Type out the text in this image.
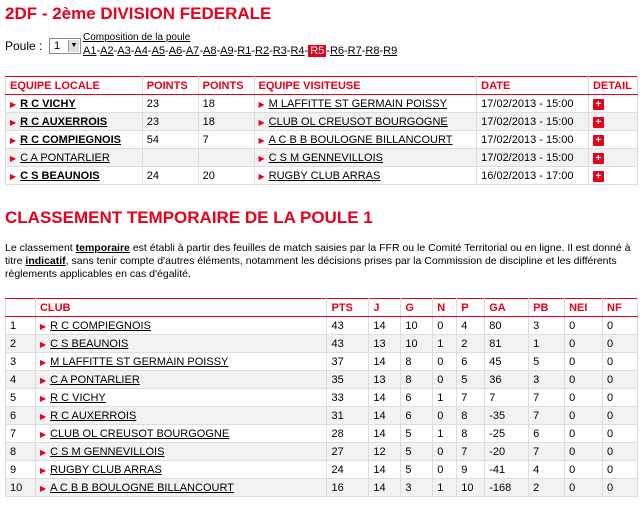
2DF - 2ème DIVISION FEDERALE
Poule :	1	▼
Composition de la poule
A1-A2-A3-A4-A5-A6-A7-A8-A9-R1-R2-R3-R4- R5 -R6-R7-R8-R9
EQUIPE LOCALE	POINTS	POINTS	EQUIPE VISITEUSE	DATE	DETAIL
▶ R C VICHY	23	18	▶ M LAFFITTE ST GERMAIN POISSY	17/02/2013 - 15:00	+
▶ R C AUXERROIS	23	18	▶ CLUB OL CREUSOT BOURGOGNE	17/02/2013 - 15:00	+
▶ R C COMPIEGNOIS	54	7	▶ A C B B BOULOGNE BILLANCOURT	17/02/2013 - 15:00	+
▶ C A PONTARLIER			▶ C S M GENNEVILLOIS	17/02/2013 - 15:00	+
▶ C S BEAUNOIS	24	20	▶ RUGBY CLUB ARRAS	16/02/2013 - 17:00	+
CLASSEMENT TEMPORAIRE DE LA POULE 1
Le classement temporaire est établi à partir des feuilles de match saisies par la FFR ou le Comité Territorial ou en ligne. Il est donné à titre indicatif, sans tenir compte d'autres éléments, notamment les décisions prises par la Commission de discipline et les différents règlements applicables en cas d'égalité.
	CLUB	PTS	J	G	N	P	GA	PB	NEI	NF
1	▶ R C COMPIEGNOIS	43	14	10	0	4	80	3	0	0
2	▶ C S BEAUNOIS	43	13	10	1	2	81	1	0	0
3	▶ M LAFFITTE ST GERMAIN POISSY	37	14	8	0	6	45	5	0	0
4	▶ C A PONTARLIER	35	13	8	0	5	36	3	0	0
5	▶ R C VICHY	33	14	6	1	7	7	7	0	0
6	▶ R C AUXERROIS	31	14	6	0	8	-35	7	0	0
7	▶ CLUB OL CREUSOT BOURGOGNE	28	14	5	1	8	-25	6	0	0
8	▶ C S M GENNEVILLOIS	27	12	5	0	7	-20	7	0	0
9	▶ RUGBY CLUB ARRAS	24	14	5	0	9	-41	4	0	0
10	▶ A C B B BOULOGNE BILLANCOURT	16	14	3	1	10	-168	2	0	0
